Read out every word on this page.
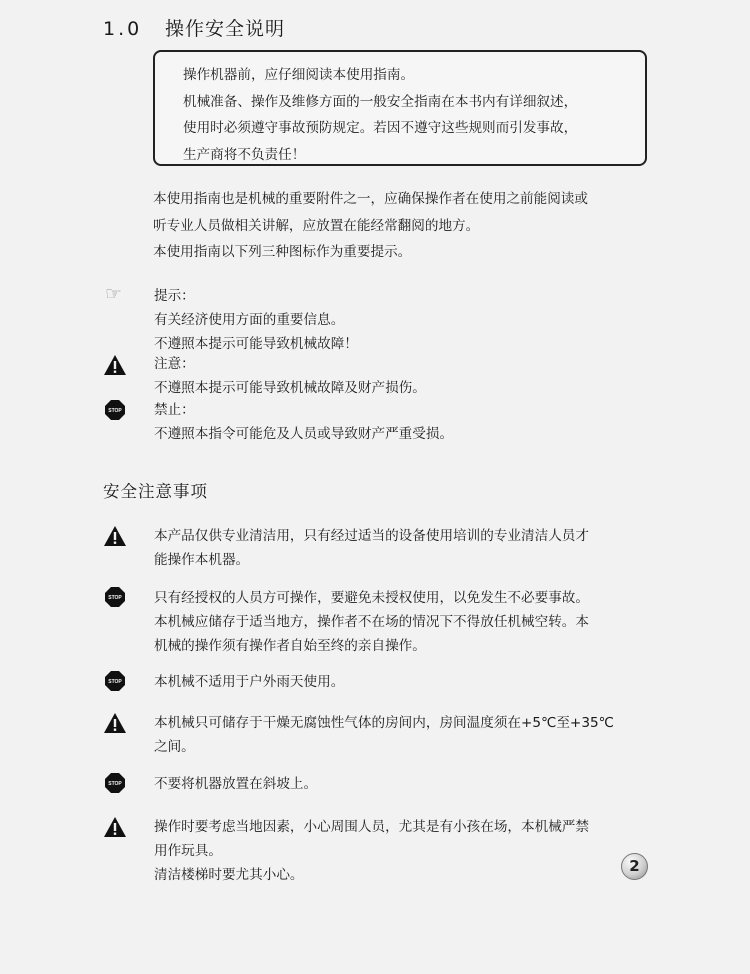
1.0 操作安全说明
操作机器前，应仔细阅读本使用指南。
机械准备、操作及维修方面的一般安全指南在本书内有详细叙述，
使用时必须遵守事故预防规定。若因不遵守这些规则而引发事故，
生产商将不负责任！
本使用指南也是机械的重要附件之一，应确保操作者在使用之前能阅读或
听专业人员做相关讲解，应放置在能经常翻阅的地方。
本使用指南以下列三种图标作为重要提示。
☞ 提示：
有关经济使用方面的重要信息。
不遵照本提示可能导致机械故障！
注意：
不遵照本提示可能导致机械故障及财产损伤。
STOP 禁止：
不遵照本指令可能危及人员或导致财产严重受损。
安全注意事项
本产品仅供专业清洁用，只有经过适当的设备使用培训的专业清洁人员才
能操作本机器。
STOP 只有经授权的人员方可操作，要避免未授权使用，以免发生不必要事故。
本机械应储存于适当地方，操作者不在场的情况下不得放任机械空转。本
机械的操作须有操作者自始至终的亲自操作。
STOP 本机械不适用于户外雨天使用。
本机械只可储存于干燥无腐蚀性气体的房间内，房间温度须在+5℃至+35℃
之间。
STOP 不要将机器放置在斜坡上。
操作时要考虑当地因素，小心周围人员，尤其是有小孩在场，本机械严禁
用作玩具。
清洁楼梯时要尤其小心。	2
